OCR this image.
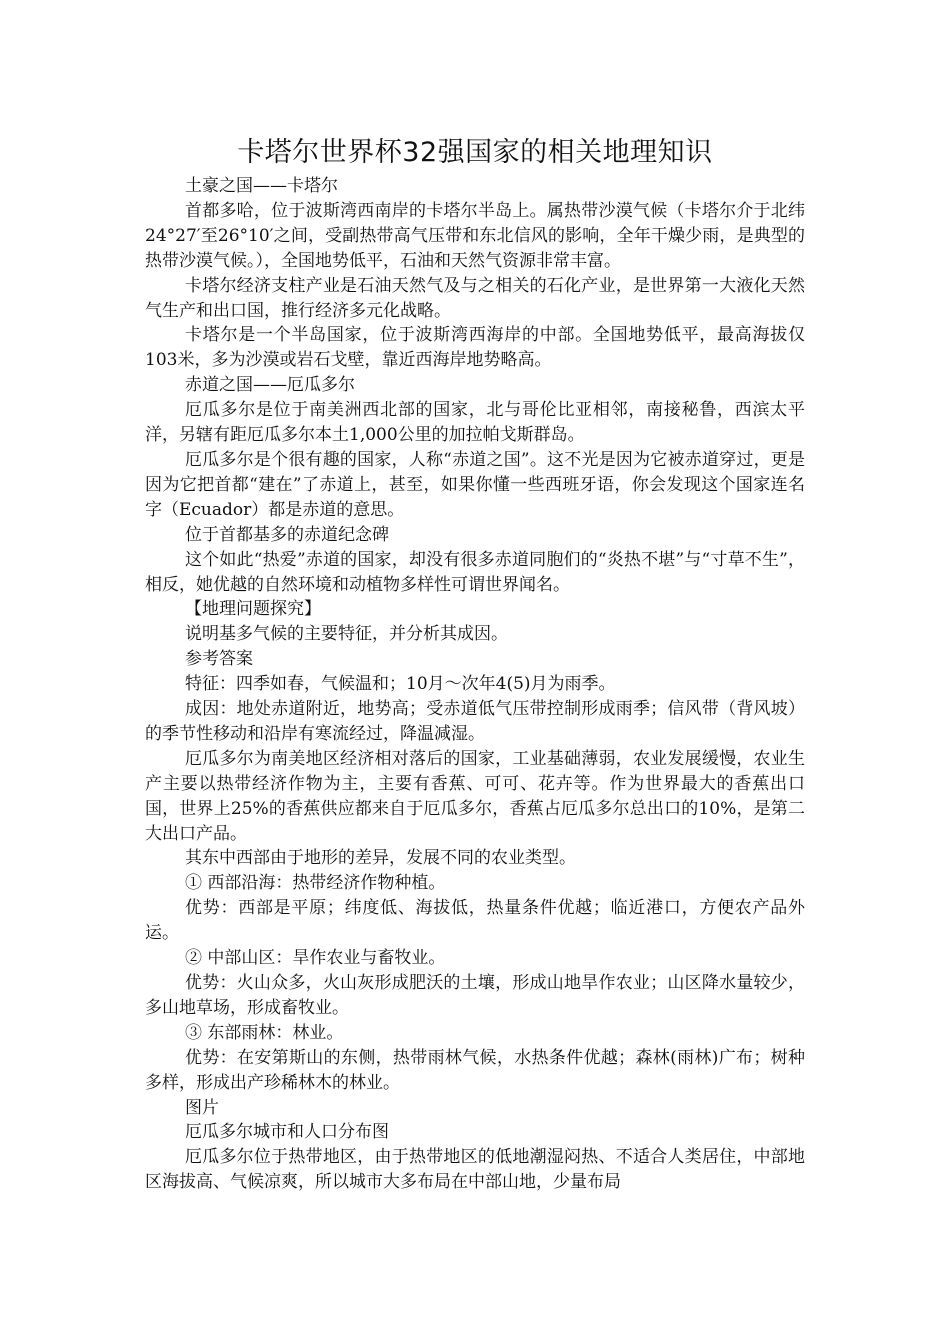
卡塔尔世界杯32强国家的相关地理知识

土豪之国——卡塔尔

首都多哈，位于波斯湾西南岸的卡塔尔半岛上。属热带沙漠气候（卡塔尔介于北纬24°27′至26°10′之间，受副热带高气压带和东北信风的影响，全年干燥少雨，是典型的热带沙漠气候。），全国地势低平，石油和天然气资源非常丰富。

卡塔尔经济支柱产业是石油天然气及与之相关的石化产业，是世界第一大液化天然气生产和出口国，推行经济多元化战略。

卡塔尔是一个半岛国家，位于波斯湾西海岸的中部。全国地势低平，最高海拔仅103米，多为沙漠或岩石戈壁，靠近西海岸地势略高。

赤道之国——厄瓜多尔

厄瓜多尔是位于南美洲西北部的国家，北与哥伦比亚相邻，南接秘鲁，西滨太平洋，另辖有距厄瓜多尔本土1,000公里的加拉帕戈斯群岛。

厄瓜多尔是个很有趣的国家，人称“赤道之国”。这不光是因为它被赤道穿过，更是因为它把首都“建在”了赤道上，甚至，如果你懂一些西班牙语，你会发现这个国家连名字（Ecuador）都是赤道的意思。

位于首都基多的赤道纪念碑

这个如此“热爱”赤道的国家，却没有很多赤道同胞们的“炎热不堪”与“寸草不生”，相反，她优越的自然环境和动植物多样性可谓世界闻名。

【地理问题探究】

说明基多气候的主要特征，并分析其成因。

参考答案

特征：四季如春，气候温和；10月～次年4(5)月为雨季。

成因：地处赤道附近，地势高；受赤道低气压带控制形成雨季；信风带（背风坡）的季节性移动和沿岸有寒流经过，降温减湿。

厄瓜多尔为南美地区经济相对落后的国家，工业基础薄弱，农业发展缓慢，农业生产主要以热带经济作物为主，主要有香蕉、可可、花卉等。作为世界最大的香蕉出口国，世界上25%的香蕉供应都来自于厄瓜多尔，香蕉占厄瓜多尔总出口的10%，是第二大出口产品。

其东中西部由于地形的差异，发展不同的农业类型。

① 西部沿海：热带经济作物种植。

优势：西部是平原；纬度低、海拔低，热量条件优越；临近港口，方便农产品外运。

② 中部山区：旱作农业与畜牧业。

优势：火山众多，火山灰形成肥沃的土壤，形成山地旱作农业；山区降水量较少，多山地草场，形成畜牧业。

③ 东部雨林：林业。

优势：在安第斯山的东侧，热带雨林气候，水热条件优越；森林(雨林)广布；树种多样，形成出产珍稀林木的林业。

图片

厄瓜多尔城市和人口分布图

厄瓜多尔位于热带地区，由于热带地区的低地潮湿闷热、不适合人类居住，中部地区海拔高、气候凉爽，所以城市大多布局在中部山地，少量布局
